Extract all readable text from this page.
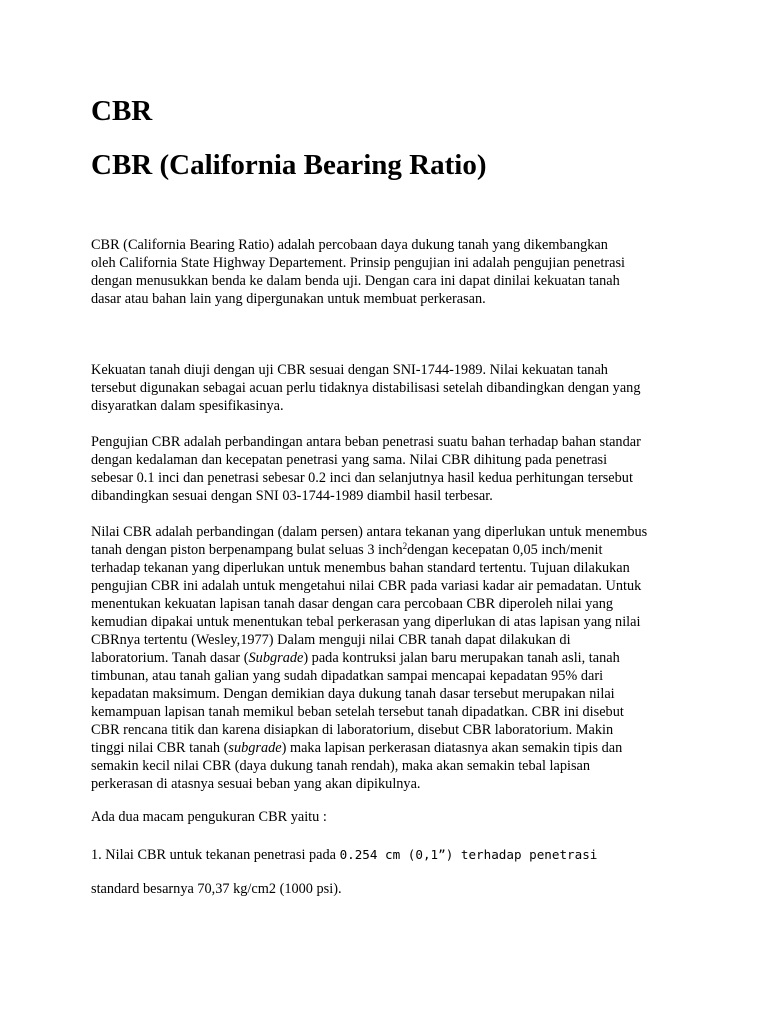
CBR
CBR (California Bearing Ratio)

CBR (California Bearing Ratio) adalah percobaan daya dukung tanah yang dikembangkan
oleh California State Highway Departement. Prinsip pengujian ini adalah pengujian penetrasi
dengan menusukkan benda ke dalam benda uji. Dengan cara ini dapat dinilai kekuatan tanah
dasar atau bahan lain yang dipergunakan untuk membuat perkerasan.

Kekuatan tanah diuji dengan uji CBR sesuai dengan SNI-1744-1989. Nilai kekuatan tanah
tersebut digunakan sebagai acuan perlu tidaknya distabilisasi setelah dibandingkan dengan yang
disyaratkan dalam spesifikasinya.

Pengujian CBR adalah perbandingan antara beban penetrasi suatu bahan terhadap bahan standar
dengan kedalaman dan kecepatan penetrasi yang sama. Nilai CBR dihitung pada penetrasi
sebesar 0.1 inci dan penetrasi sebesar 0.2 inci dan selanjutnya hasil kedua perhitungan tersebut
dibandingkan sesuai dengan SNI 03-1744-1989 diambil hasil terbesar.

Nilai CBR adalah perbandingan (dalam persen) antara tekanan yang diperlukan untuk menembus
tanah dengan piston berpenampang bulat seluas 3 inch$^2$dengan kecepatan 0,05 inch/menit
terhadap tekanan yang diperlukan untuk menembus bahan standard tertentu. Tujuan dilakukan
pengujian CBR ini adalah untuk mengetahui nilai CBR pada variasi kadar air pemadatan. Untuk
menentukan kekuatan lapisan tanah dasar dengan cara percobaan CBR diperoleh nilai yang
kemudian dipakai untuk menentukan tebal perkerasan yang diperlukan di atas lapisan yang nilai
CBRnya tertentu (Wesley,1977) Dalam menguji nilai CBR tanah dapat dilakukan di
laboratorium. Tanah dasar (Subgrade) pada kontruksi jalan baru merupakan tanah asli, tanah
timbunan, atau tanah galian yang sudah dipadatkan sampai mencapai kepadatan 95% dari
kepadatan maksimum. Dengan demikian daya dukung tanah dasar tersebut merupakan nilai
kemampuan lapisan tanah memikul beban setelah tersebut tanah dipadatkan. CBR ini disebut
CBR rencana titik dan karena disiapkan di laboratorium, disebut CBR laboratorium. Makin
tinggi nilai CBR tanah (subgrade) maka lapisan perkerasan diatasnya akan semakin tipis dan
semakin kecil nilai CBR (daya dukung tanah rendah), maka akan semakin tebal lapisan
perkerasan di atasnya sesuai beban yang akan dipikulnya.

Ada dua macam pengukuran CBR yaitu :

1. Nilai CBR untuk tekanan penetrasi pada 0.254 cm (0,1”) terhadap penetrasi

standard besarnya 70,37 kg/cm2 (1000 psi).
